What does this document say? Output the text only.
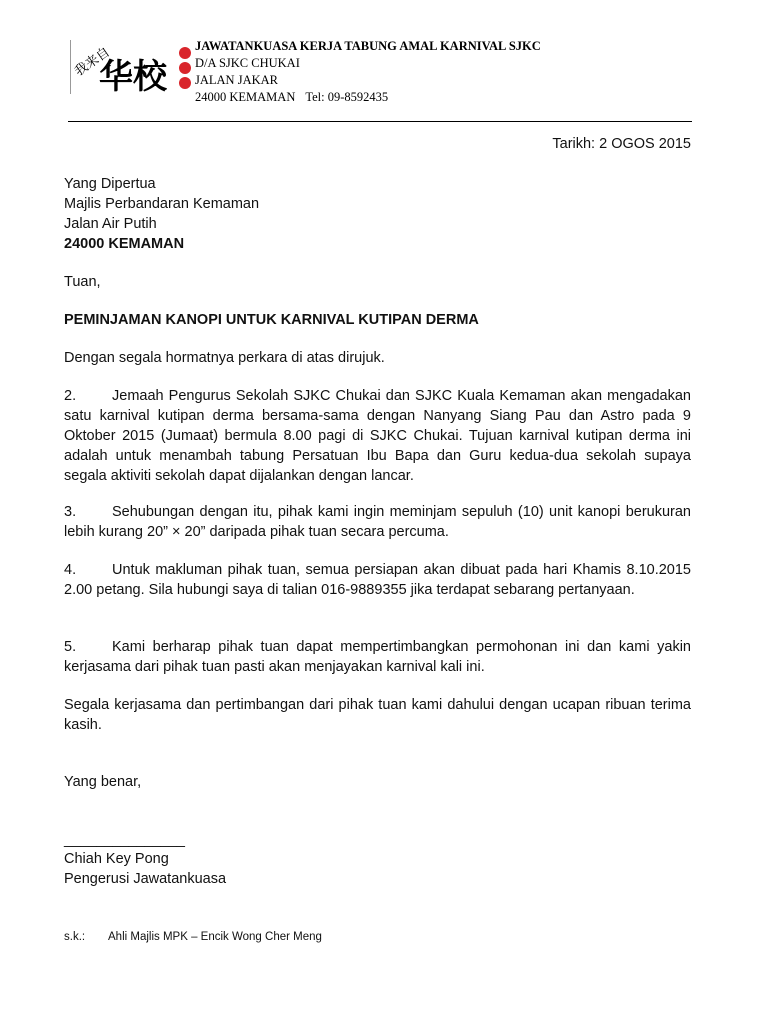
我来自
华校
JAWATANKUASA KERJA TABUNG AMAL KARNIVAL SJKC
D/A SJKC CHUKAI
JALAN JAKAR
24000 KEMAMAN Tel: 09-8592435
Tarikh: 2 OGOS 2015
Yang Dipertua
Majlis Perbandaran Kemaman
Jalan Air Putih
24000 KEMAMAN
Tuan,
PEMINJAMAN KANOPI UNTUK KARNIVAL KUTIPAN DERMA
Dengan segala hormatnya perkara di atas dirujuk.

2. Jemaah Pengurus Sekolah SJKC Chukai dan SJKC Kuala Kemaman akan mengadakan satu karnival kutipan derma bersama-sama dengan Nanyang Siang Pau dan Astro pada 9 Oktober 2015 (Jumaat) bermula 8.00 pagi di SJKC Chukai. Tujuan karnival kutipan derma ini adalah untuk menambah tabung Persatuan Ibu Bapa dan Guru kedua-dua sekolah supaya segala aktiviti sekolah dapat dijalankan dengan lancar.

3. Sehubungan dengan itu, pihak kami ingin meminjam sepuluh (10) unit kanopi berukuran lebih kurang 20” × 20” daripada pihak tuan secara percuma.

4. Untuk makluman pihak tuan, semua persiapan akan dibuat pada hari Khamis 8.10.2015 2.00 petang. Sila hubungi saya di talian 016-9889355 jika terdapat sebarang pertanyaan.

5. Kami berharap pihak tuan dapat mempertimbangkan permohonan ini dan kami yakin kerjasama dari pihak tuan pasti akan menjayakan karnival kali ini.

Segala kerjasama dan pertimbangan dari pihak tuan kami dahului dengan ucapan ribuan terima kasih.

Yang benar,
_______________
Chiah Key Pong
Pengerusi Jawatankuasa
s.k.: Ahli Majlis MPK – Encik Wong Cher Meng
